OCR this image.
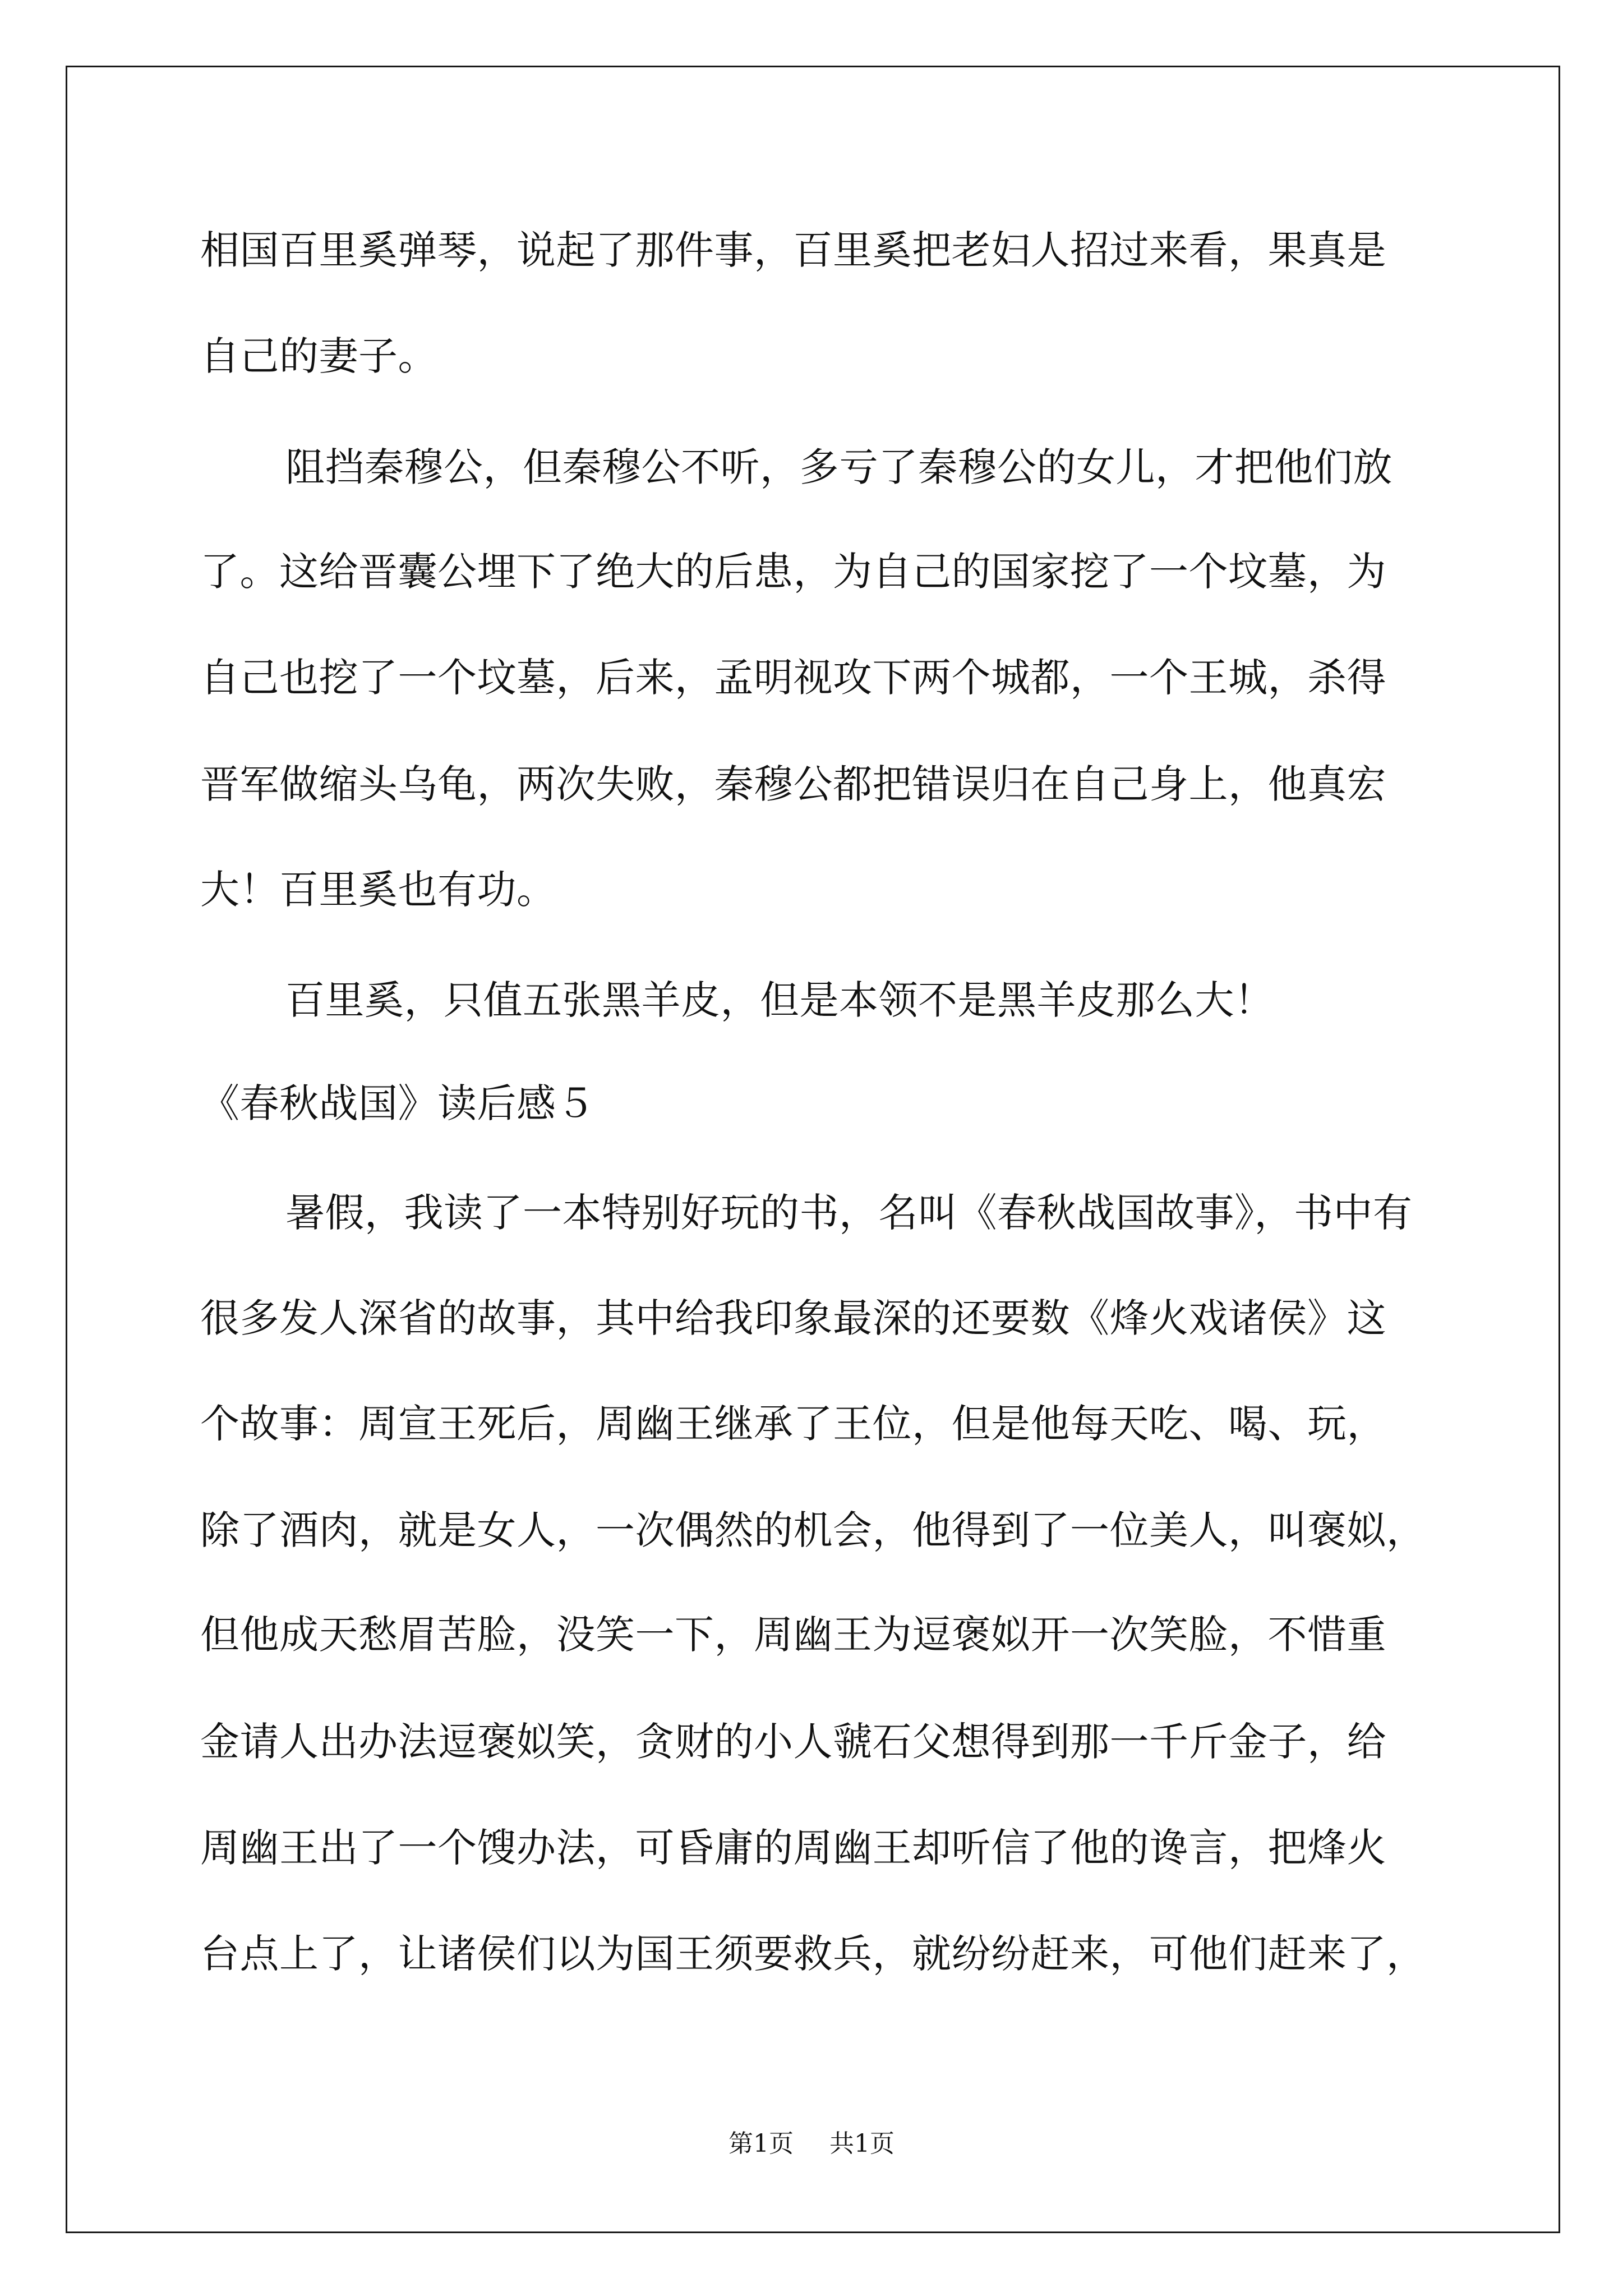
相国百里奚弹琴，说起了那件事，百里奚把老妇人招过来看，果真是
自己的妻子。
阻挡秦穆公，但秦穆公不听，多亏了秦穆公的女儿，才把他们放
了。这给晋囊公埋下了绝大的后患，为自己的国家挖了一个坟墓，为
自己也挖了一个坟墓，后来，孟明视攻下两个城都，一个王城，杀得
晋军做缩头乌龟，两次失败，秦穆公都把错误归在自己身上，他真宏
大！百里奚也有功。
百里奚，只值五张黑羊皮，但是本领不是黑羊皮那么大！
《春秋战国》读后感５
暑假，我读了一本特别好玩的书，名叫《春秋战国故事》，书中有
很多发人深省的故事，其中给我印象最深的还要数《烽火戏诸侯》这
个故事：周宣王死后，周幽王继承了王位，但是他每天吃、喝、玩，
除了酒肉，就是女人，一次偶然的机会，他得到了一位美人，叫褒姒，
但他成天愁眉苦脸，没笑一下，周幽王为逗褒姒开一次笑脸，不惜重
金请人出办法逗褒姒笑，贪财的小人虢石父想得到那一千斤金子，给
周幽王出了一个馊办法，可昏庸的周幽王却听信了他的谗言，把烽火
台点上了，让诸侯们以为国王须要救兵，就纷纷赶来，可他们赶来了，
第1页 共1页
